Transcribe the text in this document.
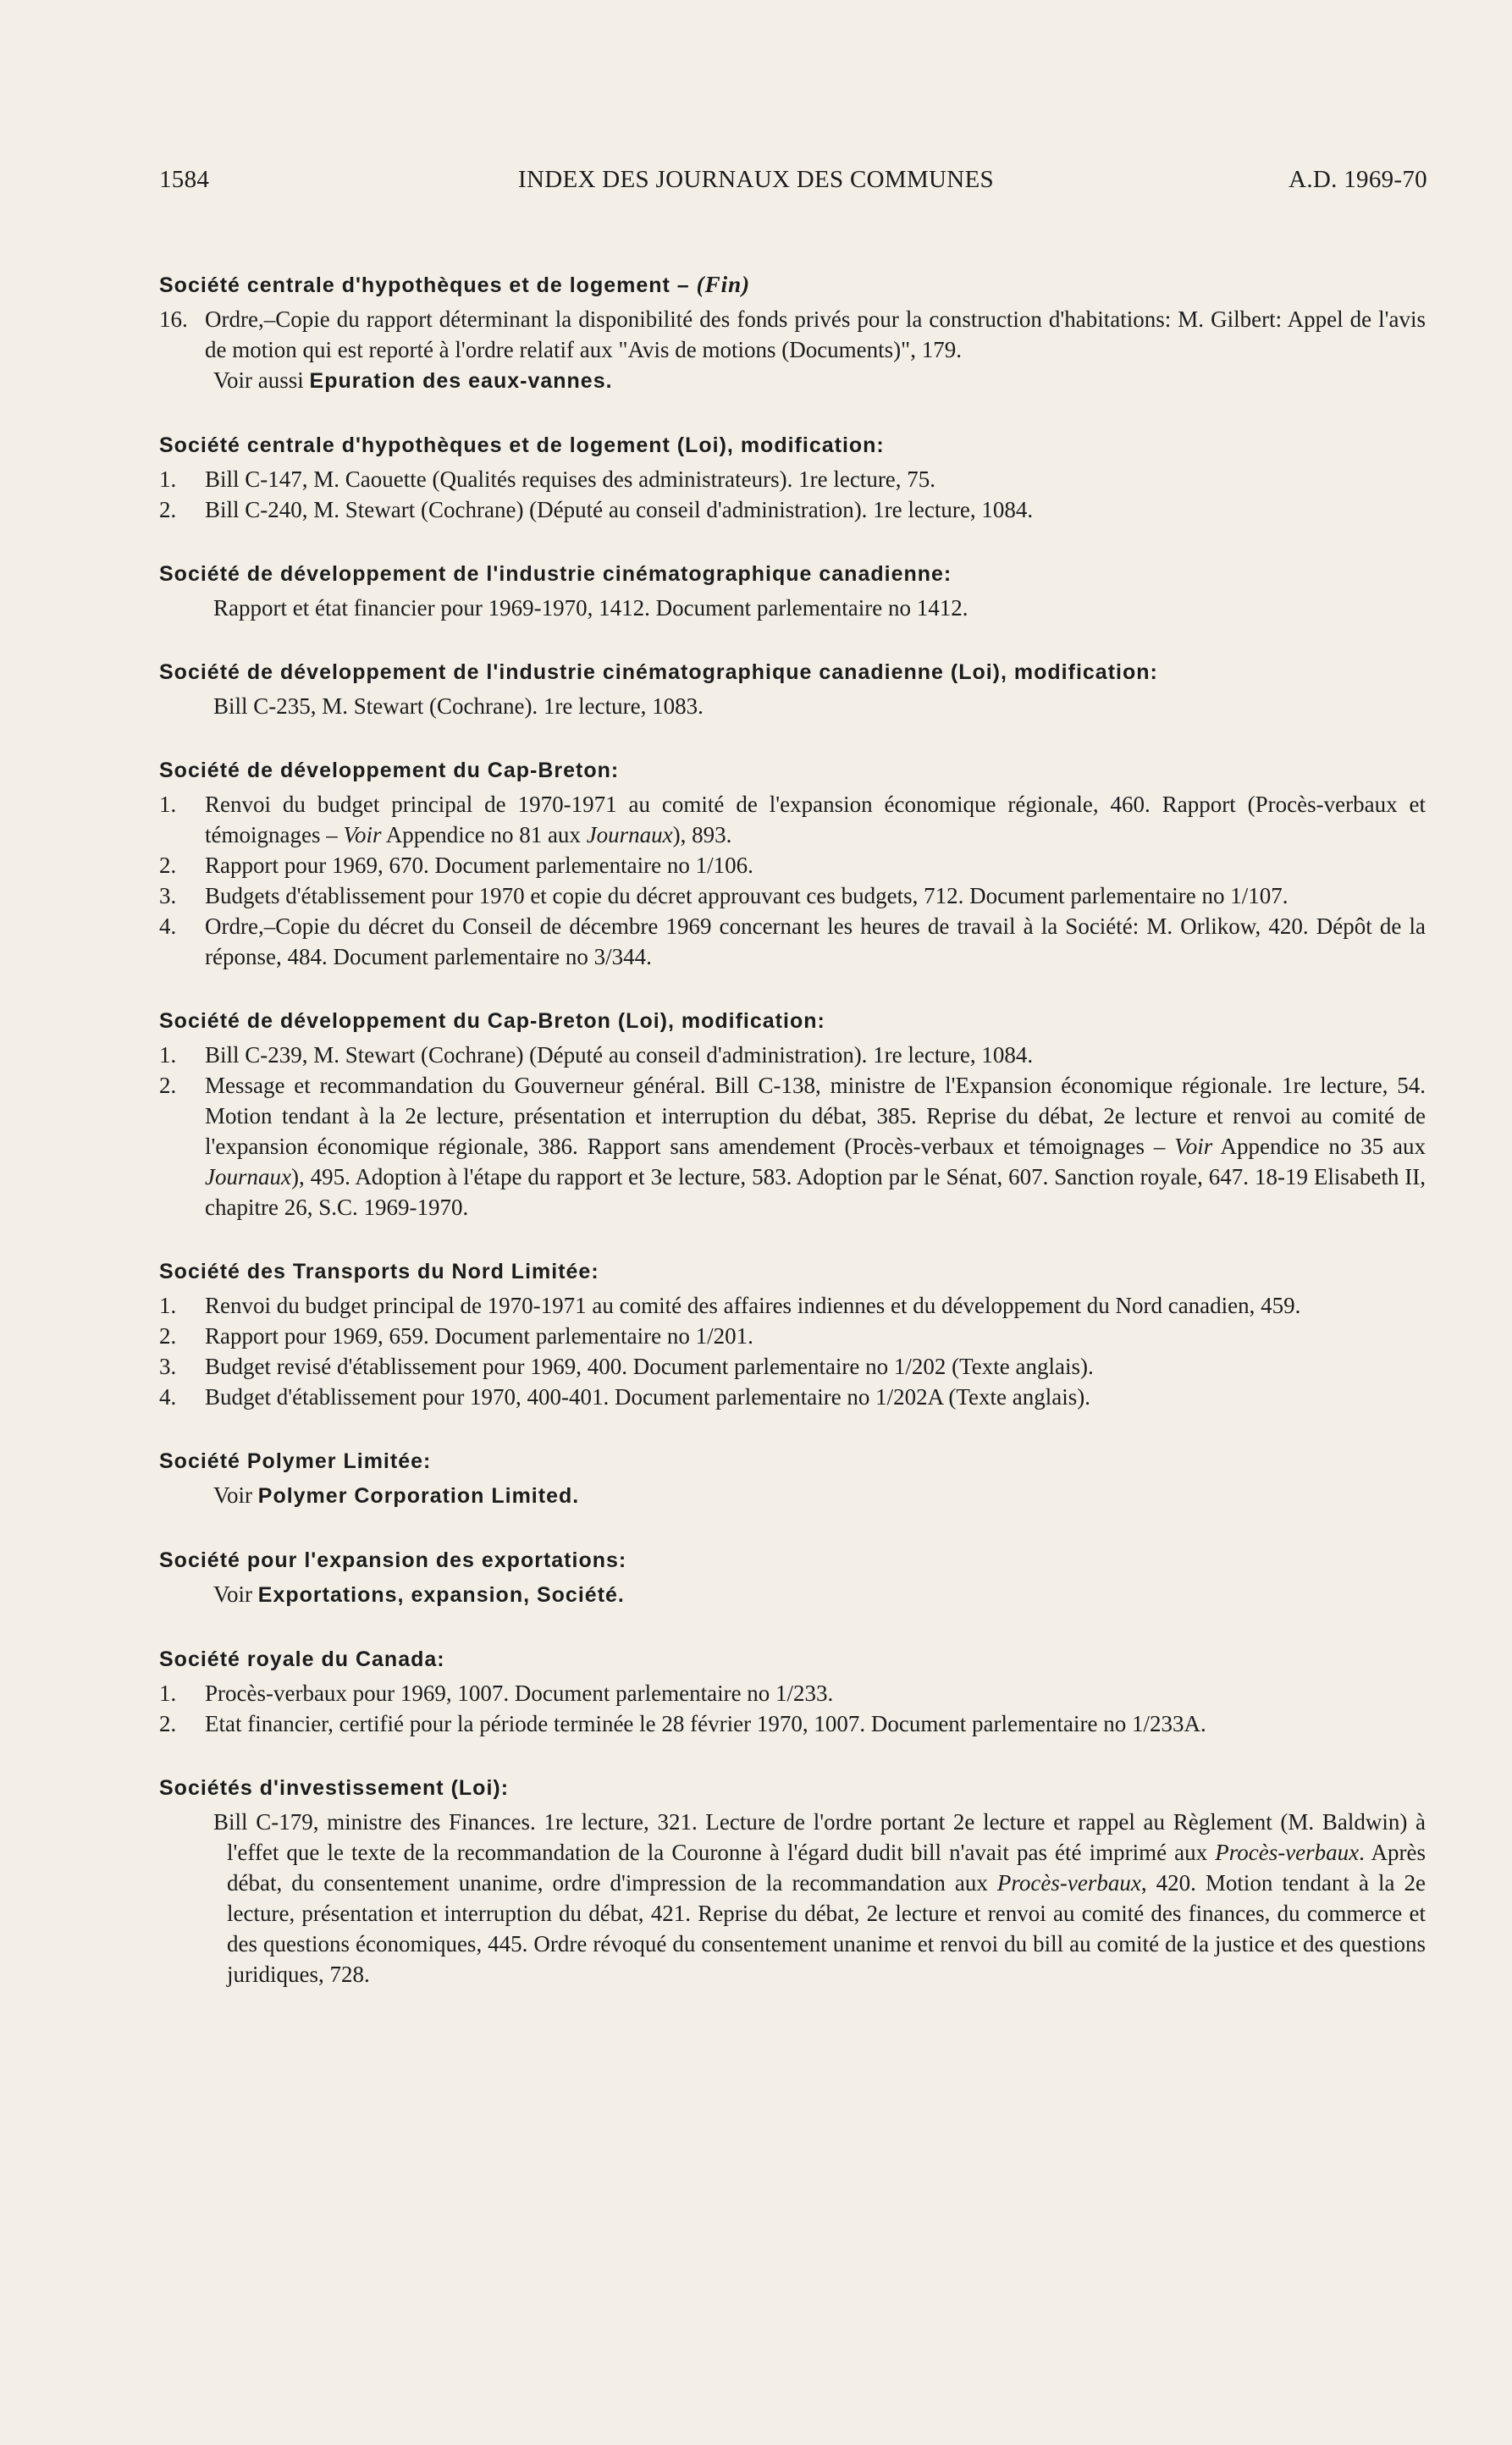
INDEX DES JOURNAUX DES COMMUNES
1584	A.D. 1969-70
Société centrale d'hypothèques et de logement – (Fin)
16. Ordre,–Copie du rapport déterminant la disponibilité des fonds privés pour la construction d'habitations: M. Gilbert: Appel de l'avis de motion qui est reporté à l'ordre relatif aux "Avis de motions (Documents)", 179.
Voir aussi Epuration des eaux-vannes.
Société centrale d'hypothèques et de logement (Loi), modification:
1.	Bill C-147, M. Caouette (Qualités requises des administrateurs). 1re lecture, 75.
2.	Bill C-240, M. Stewart (Cochrane) (Député au conseil d'administration). 1re lecture, 1084.
Société de développement de l'industrie cinématographique canadienne:
Rapport et état financier pour 1969-1970, 1412. Document parlementaire no 1412.
Société de développement de l'industrie cinématographique canadienne (Loi), modification:
Bill C-235, M. Stewart (Cochrane). 1re lecture, 1083.
Société de développement du Cap-Breton:
1.	Renvoi du budget principal de 1970-1971 au comité de l'expansion économique régionale, 460. Rapport (Procès-verbaux et témoignages – Voir Appendice no 81 aux Journaux), 893.
2.	Rapport pour 1969, 670. Document parlementaire no 1/106.
3.	Budgets d'établissement pour 1970 et copie du décret approuvant ces budgets, 712. Document parlementaire no 1/107.
4.	Ordre,–Copie du décret du Conseil de décembre 1969 concernant les heures de travail à la Société: M. Orlikow, 420. Dépôt de la réponse, 484. Document parlementaire no 3/344.
Société de développement du Cap-Breton (Loi), modification:
1.	Bill C-239, M. Stewart (Cochrane) (Député au conseil d'administration). 1re lecture, 1084.
2.	Message et recommandation du Gouverneur général. Bill C-138, ministre de l'Expansion économique régionale. 1re lecture, 54. Motion tendant à la 2e lecture, présentation et interruption du débat, 385. Reprise du débat, 2e lecture et renvoi au comité de l'expansion économique régionale, 386. Rapport sans amendement (Procès-verbaux et témoignages – Voir Appendice no 35 aux Journaux), 495. Adoption à l'étape du rapport et 3e lecture, 583. Adoption par le Sénat, 607. Sanction royale, 647. 18-19 Elisabeth II, chapitre 26, S.C. 1969-1970.
Société des Transports du Nord Limitée:
1.	Renvoi du budget principal de 1970-1971 au comité des affaires indiennes et du développement du Nord canadien, 459.
2.	Rapport pour 1969, 659. Document parlementaire no 1/201.
3.	Budget revisé d'établissement pour 1969, 400. Document parlementaire no 1/202 (Texte anglais).
4.	Budget d'établissement pour 1970, 400-401. Document parlementaire no 1/202A (Texte anglais).
Société Polymer Limitée:
Voir Polymer Corporation Limited.
Société pour l'expansion des exportations:
Voir Exportations, expansion, Société.
Société royale du Canada:
1.	Procès-verbaux pour 1969, 1007. Document parlementaire no 1/233.
2.	Etat financier, certifié pour la période terminée le 28 février 1970, 1007. Document parlementaire no 1/233A.
Sociétés d'investissement (Loi):
Bill C-179, ministre des Finances. 1re lecture, 321. Lecture de l'ordre portant 2e lecture et rappel au Règlement (M. Baldwin) à l'effet que le texte de la recommandation de la Couronne à l'égard dudit bill n'avait pas été imprimé aux Procès-verbaux. Après débat, du consentement unanime, ordre d'impression de la recommandation aux Procès-verbaux, 420. Motion tendant à la 2e lecture, présentation et interruption du débat, 421. Reprise du débat, 2e lecture et renvoi au comité des finances, du commerce et des questions économiques, 445. Ordre révoqué du consentement unanime et renvoi du bill au comité de la justice et des questions juridiques, 728.
